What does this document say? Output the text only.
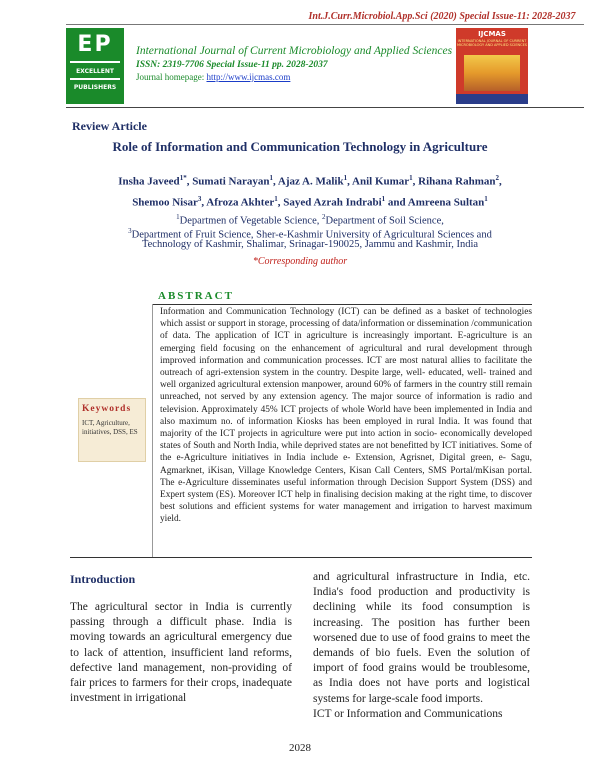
Int.J.Curr.Microbiol.App.Sci (2020) Special Issue-11: 2028-2037
EP
EXCELLENT
PUBLISHERS
International Journal of Current Microbiology and Applied Sciences
ISSN: 2319-7706 Special Issue-11 pp. 2028-2037
Journal homepage: http://www.ijcmas.com
IJCMAS
INTERNATIONAL JOURNAL OF CURRENT MICROBIOLOGY AND APPLIED SCIENCES
Review Article
Role of Information and Communication Technology in Agriculture
Insha Javeed$^{1*}$, Sumati Narayan$^1$, Ajaz A. Malik$^1$, Anil Kumar$^1$, Rihana Rahman$^2$,
Shemoo Nisar$^3$, Afroza Akhter$^1$, Sayed Azrah Indrabi$^1$ and Amreena Sultan$^1$
$^1$Departmen of Vegetable Science, $^2$Department of Soil Science,
$^3$Department of Fruit Science, Sher-e-Kashmir University of Agricultural Sciences and
Technology of Kashmir, Shalimar, Srinagar-190025, Jammu and Kashmir, India
*Corresponding author
ABSTRACT
Keywords
ICT, Agriculture, initiatives, DSS, ES
Information and Communication Technology (ICT) can be defined as a basket of technologies which assist or support in storage, processing of data/information or dissemination /communication of data. The application of ICT in agriculture is increasingly important. E-agriculture is an emerging field focusing on the enhancement of agricultural and rural development through improved information and communication processes. ICT are most natural allies to facilitate the outreach of agri-extension system in the country. Despite large, well- educated, well- trained and well organized agricultural extension manpower, around 60% of farmers in the country still remain unreached, not served by any extension agency. The major source of information is radio and television. Approximately 45% ICT projects of whole World have been implemented in India and also maximum no. of information Kiosks has been employed in rural India. It was found that majority of the ICT projects in agriculture were put into action in socio- economically developed states of South and North India, while deprived states are not benefitted by ICT initiatives. Some of the e-Agriculture initiatives in India include e- Extension, Agrisnet, Digital green, e- Sagu, Agmarknet, iKisan, Village Knowledge Centers, Kisan Call Centers, SMS Portal/mKisan portal. The e-Agriculture disseminates useful information through Decision Support System (DSS) and Expert system (ES). Moreover ICT help in finalising decision making at the right time, to discover best solutions and efficient systems for water management and irrigation to harvest maximum yield.
Introduction
The agricultural sector in India is currently passing through a difficult phase. India is moving towards an agricultural emergency due to lack of attention, insufficient land reforms, defective land management, non-providing of fair prices to farmers for their crops, inadequate investment in irrigational

and agricultural infrastructure in India, etc. India's food production and productivity is declining while its food consumption is increasing. The position has further been worsened due to use of food grains to meet the demands of bio fuels. Even the solution of import of food grains would be troublesome, as India does not have ports and logistical systems for large-scale food imports.

ICT or Information and Communications

2028
